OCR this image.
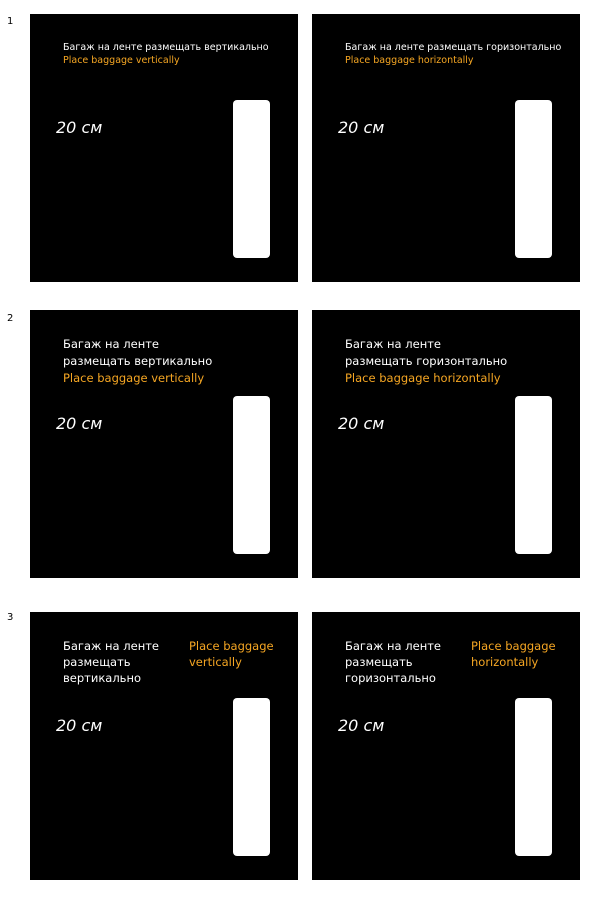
1
2
3
Багаж на ленте размещать вертикально
Place baggage vertically
20 см
Багаж на ленте размещать горизонтально
Place baggage horizontally
20 см
Багаж на ленте
размещать вертикально
Place baggage vertically
20 см
Багаж на ленте
размещать горизонтально
Place baggage horizontally
20 см
Багаж на ленте
размещать
вертикально
Place baggage
vertically
20 см
Багаж на ленте
размещать
горизонтально
Place baggage
horizontally
20 см
